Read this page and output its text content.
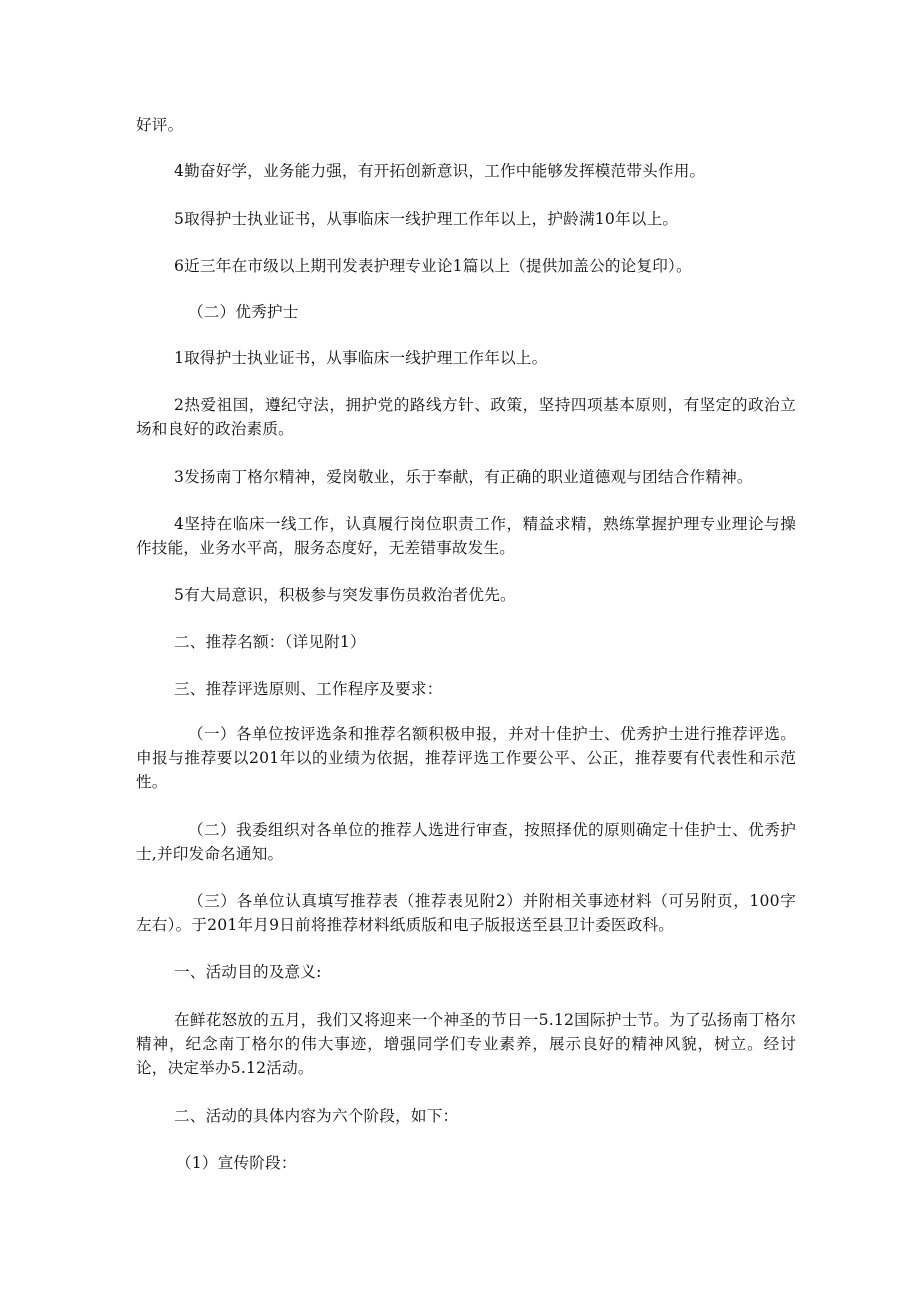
好评。

4勤奋好学，业务能力强，有开拓创新意识，工作中能够发挥模范带头作用。

5取得护士执业证书，从事临床一线护理工作年以上，护龄满10年以上。

6近三年在市级以上期刊发表护理专业论1篇以上（提供加盖公的论复印）。

（二）优秀护士

1取得护士执业证书，从事临床一线护理工作年以上。

2热爱祖国，遵纪守法，拥护党的路线方针、政策，坚持四项基本原则，有坚定的政治立场和良好的政治素质。

3发扬南丁格尔精神，爱岗敬业，乐于奉献，有正确的职业道德观与团结合作精神。

4坚持在临床一线工作，认真履行岗位职责工作，精益求精，熟练掌握护理专业理论与操作技能，业务水平高，服务态度好，无差错事故发生。

5有大局意识，积极参与突发事伤员救治者优先。

二、推荐名额：（详见附1）

三、推荐评选原则、工作程序及要求：

（一）各单位按评选条和推荐名额积极申报，并对十佳护士、优秀护士进行推荐评选。申报与推荐要以201年以的业绩为依据，推荐评选工作要公平、公正，推荐要有代表性和示范性。

（二）我委组织对各单位的推荐人选进行审查，按照择优的原则确定十佳护士、优秀护士,并印发命名通知。

（三）各单位认真填写推荐表（推荐表见附2）并附相关事迹材料（可另附页，100字左右）。于201年月9日前将推荐材料纸质版和电子版报送至县卫计委医政科。

一、活动目的及意义:

在鲜花怒放的五月，我们又将迎来一个神圣的节日一5.12国际护士节。为了弘扬南丁格尔精神，纪念南丁格尔的伟大事迹，增强同学们专业素养，展示良好的精神风貌，树立。经讨论，决定举办5.12活动。

二、活动的具体内容为六个阶段，如下：

（1）宣传阶段：
